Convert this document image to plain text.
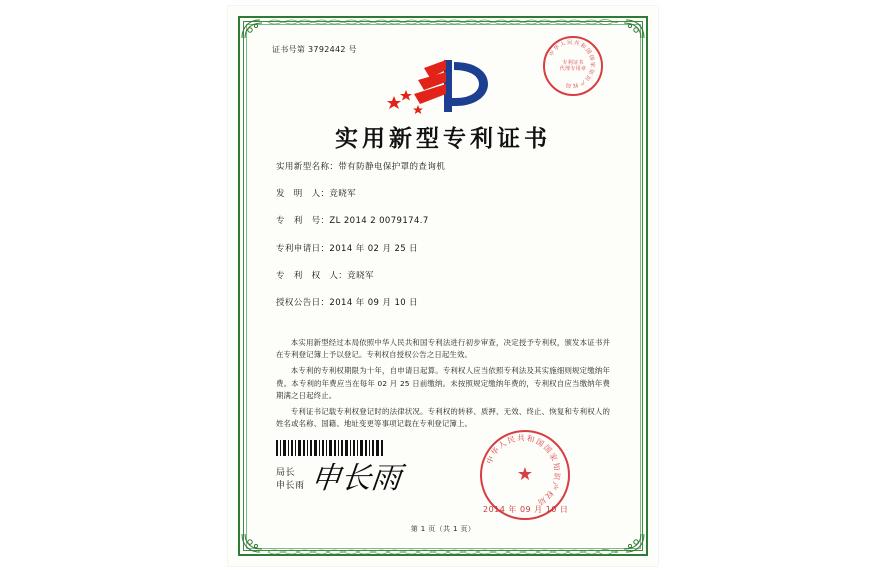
证书号第 3792442 号
实用新型专利证书
实用新型名称：带有防静电保护罩的查询机
发　明　人：竞晓军
专　利　号：ZL 2014 2 0079174.7
专利申请日：2014 年 02 月 25 日
专　利　权　人：竞晓军
授权公告日：2014 年 09 月 10 日
本实用新型经过本局依照中华人民共和国专利法进行初步审查，决定授予专利权，颁发本证书并在专利登记簿上予以登记。专利权自授权公告之日起生效。
本专利的专利权期限为十年，自申请日起算。专利权人应当依照专利法及其实施细则规定缴纳年费。本专利的年费应当在每年 02 月 25 日前缴纳。未按照规定缴纳年费的，专利权自应当缴纳年费期满之日起终止。
专利证书记载专利权登记时的法律状况。专利权的转移、质押、无效、终止、恢复和专利权人的姓名或名称、国籍、地址变更等事项记载在专利登记簿上。
局长
申长雨 申长雨
第 1 页（共 1 页）
中华人民共和国国家知识产权局
专利证书
代理专用章
中华人民共和国国家知识产权局
★
2014 年 09 月 10 日
